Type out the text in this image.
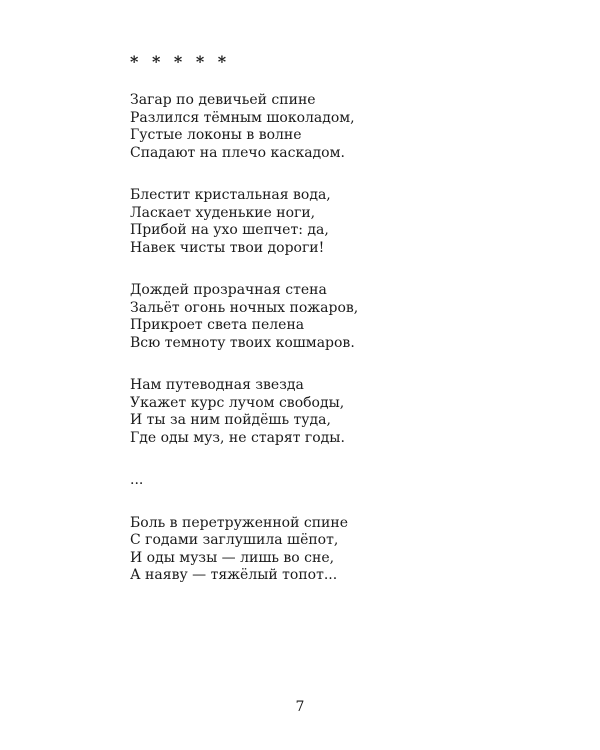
* * * * *
Загар по девичьей спине
Разлился тёмным шоколадом,
Густые локоны в волне
Спадают на плечо каскадом.
Блестит кристальная вода,
Ласкает худенькие ноги,
Прибой на ухо шепчет: да,
Навек чисты твои дороги!
Дождей прозрачная стена
Зальёт огонь ночных пожаров,
Прикроет света пелена
Всю темноту твоих кошмаров.
Нам путеводная звезда
Укажет курс лучом свободы,
И ты за ним пойдёшь туда,
Где оды муз, не старят годы.
...
Боль в перетруженной спине
С годами заглушила шёпот,
И оды музы — лишь во сне,
А наяву — тяжёлый топот...
7
